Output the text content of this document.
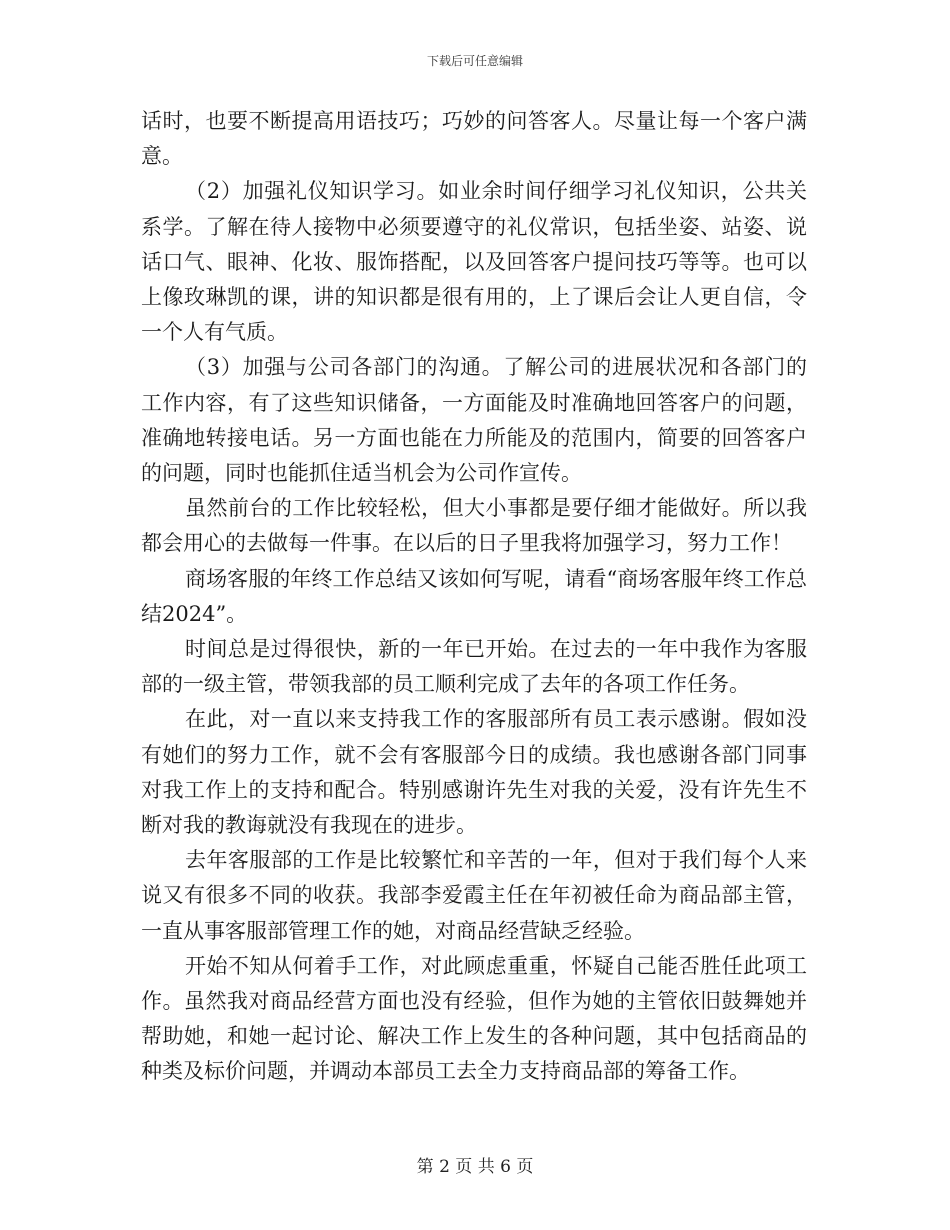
下载后可任意编辑

话时，也要不断提高用语技巧；巧妙的问答客人。尽量让每一个客户满意。

（2）加强礼仪知识学习。如业余时间仔细学习礼仪知识，公共关系学。了解在待人接物中必须要遵守的礼仪常识，包括坐姿、站姿、说话口气、眼神、化妆、服饰搭配，以及回答客户提问技巧等等。也可以上像玫琳凯的课，讲的知识都是很有用的，上了课后会让人更自信，令一个人有气质。

（3）加强与公司各部门的沟通。了解公司的进展状况和各部门的工作内容，有了这些知识储备，一方面能及时准确地回答客户的问题，准确地转接电话。另一方面也能在力所能及的范围内，简要的回答客户的问题，同时也能抓住适当机会为公司作宣传。

虽然前台的工作比较轻松，但大小事都是要仔细才能做好。所以我都会用心的去做每一件事。在以后的日子里我将加强学习，努力工作！

商场客服的年终工作总结又该如何写呢，请看“商场客服年终工作总结2024”。

时间总是过得很快，新的一年已开始。在过去的一年中我作为客服部的一级主管，带领我部的员工顺利完成了去年的各项工作任务。

在此，对一直以来支持我工作的客服部所有员工表示感谢。假如没有她们的努力工作，就不会有客服部今日的成绩。我也感谢各部门同事对我工作上的支持和配合。特别感谢许先生对我的关爱，没有许先生不断对我的教诲就没有我现在的进步。

去年客服部的工作是比较繁忙和辛苦的一年，但对于我们每个人来说又有很多不同的收获。我部李爱霞主任在年初被任命为商品部主管，一直从事客服部管理工作的她，对商品经营缺乏经验。

开始不知从何着手工作，对此顾虑重重，怀疑自己能否胜任此项工作。虽然我对商品经营方面也没有经验，但作为她的主管依旧鼓舞她并帮助她，和她一起讨论、解决工作上发生的各种问题，其中包括商品的种类及标价问题，并调动本部员工去全力支持商品部的筹备工作。

第 2 页 共 6 页
